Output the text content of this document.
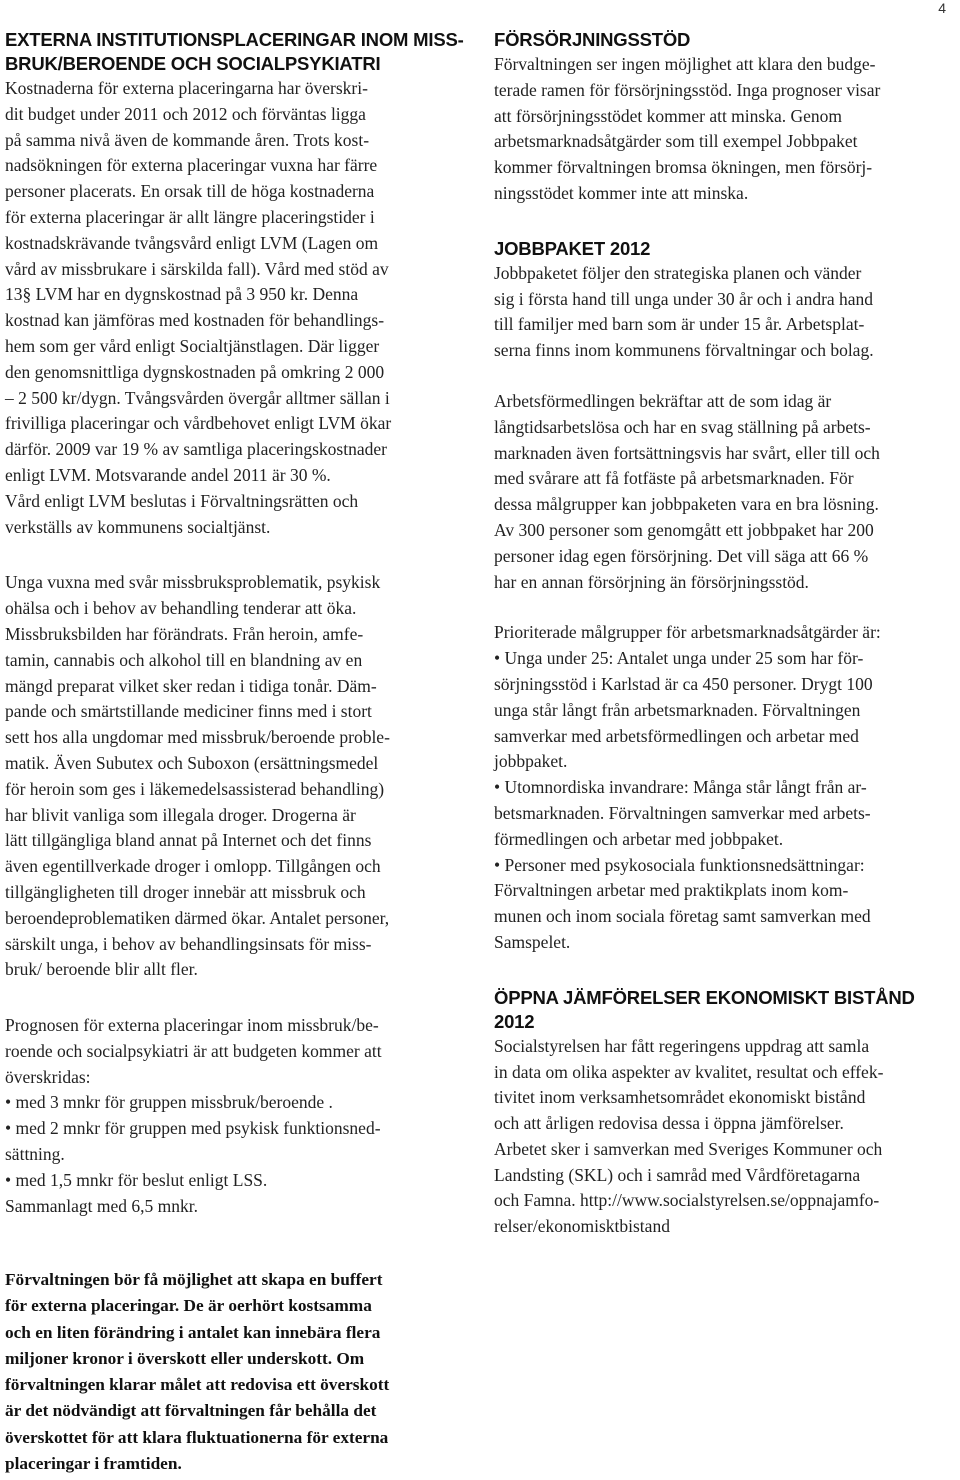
4
EXTERNA INSTITUTIONSPLACERINGAR INOM MISS-
BRUK/BEROENDE OCH SOCIALPSYKIATRI

Kostnaderna för externa placeringarna har överskri-
dit budget under 2011 och 2012 och förväntas ligga
på samma nivå även de kommande åren. Trots kost-
nadsökningen för externa placeringar vuxna har färre
personer placerats. En orsak till de höga kostnaderna
för externa placeringar är allt längre placeringstider i
kostnadskrävande tvångsvård enligt LVM (Lagen om
vård av missbrukare i särskilda fall). Vård med stöd av
13§ LVM har en dygnskostnad på 3 950 kr. Denna
kostnad kan jämföras med kostnaden för behandlings-
hem som ger vård enligt Socialtjänstlagen. Där ligger
den genomsnittliga dygnskostnaden på omkring 2 000
– 2 500 kr/dygn. Tvångsvården övergår alltmer sällan i
frivilliga placeringar och vårdbehovet enligt LVM ökar
därför. 2009 var 19 % av samtliga placeringskostnader
enligt LVM. Motsvarande andel 2011 är 30 %.
Vård enligt LVM beslutas i Förvaltningsrätten och
verkställs av kommunens socialtjänst.

Unga vuxna med svår missbruksproblematik, psykisk
ohälsa och i behov av behandling tenderar att öka.
Missbruksbilden har förändrats. Från heroin, amfe-
tamin, cannabis och alkohol till en blandning av en
mängd preparat vilket sker redan i tidiga tonår. Däm-
pande och smärtstillande mediciner finns med i stort
sett hos alla ungdomar med missbruk/beroende proble-
matik. Även Subutex och Suboxon (ersättningsmedel
för heroin som ges i läkemedelsassisterad behandling)
har blivit vanliga som illegala droger. Drogerna är
lätt tillgängliga bland annat på Internet och det finns
även egentillverkade droger i omlopp. Tillgången och
tillgängligheten till droger innebär att missbruk och
beroendeproblematiken därmed ökar. Antalet personer,
särskilt unga, i behov av behandlingsinsats för miss-
bruk/ beroende blir allt fler.

Prognosen för externa placeringar inom missbruk/be-
roende och socialpsykiatri är att budgeten kommer att
överskridas:
• med 3 mnkr för gruppen missbruk/beroende .
• med 2 mnkr för gruppen med psykisk funktionsned-
sättning.
• med 1,5 mnkr för beslut enligt LSS.
Sammanlagt med 6,5 mnkr.

Förvaltningen bör få möjlighet att skapa en buffert
för externa placeringar. De är oerhört kostsamma
och en liten förändring i antalet kan innebära flera
miljoner kronor i överskott eller underskott. Om
förvaltningen klarar målet att redovisa ett överskott
är det nödvändigt att förvaltningen får behålla det
överskottet för att klara fluktuationerna för externa
placeringar i framtiden.
FÖRSÖRJNINGSSTÖD

Förvaltningen ser ingen möjlighet att klara den budge-
terade ramen för försörjningsstöd. Inga prognoser visar
att försörjningsstödet kommer att minska. Genom
arbetsmarknadsåtgärder som till exempel Jobbpaket
kommer förvaltningen bromsa ökningen, men försörj-
ningsstödet kommer inte att minska.

JOBBPAKET 2012

Jobbpaketet följer den strategiska planen och vänder
sig i första hand till unga under 30 år och i andra hand
till familjer med barn som är under 15 år. Arbetsplat-
serna finns inom kommunens förvaltningar och bolag.

Arbetsförmedlingen bekräftar att de som idag är
långtidsarbetslösa och har en svag ställning på arbets-
marknaden även fortsättningsvis har svårt, eller till och
med svårare att få fotfäste på arbetsmarknaden. För
dessa målgrupper kan jobbpaketen vara en bra lösning.
Av 300 personer som genomgått ett jobbpaket har 200
personer idag egen försörjning. Det vill säga att 66 %
har en annan försörjning än försörjningsstöd.

Prioriterade målgrupper för arbetsmarknadsåtgärder är:
• Unga under 25: Antalet unga under 25 som har för-
sörjningsstöd i Karlstad är ca 450 personer. Drygt 100
unga står långt från arbetsmarknaden. Förvaltningen
samverkar med arbetsförmedlingen och arbetar med
jobbpaket.
• Utomnordiska invandrare: Många står långt från ar-
betsmarknaden. Förvaltningen samverkar med arbets-
förmedlingen och arbetar med jobbpaket.
• Personer med psykosociala funktionsnedsättningar:
Förvaltningen arbetar med praktikplats inom kom-
munen och inom sociala företag samt samverkan med
Samspelet.

ÖPPNA JÄMFÖRELSER EKONOMISKT BISTÅND 2012

Socialstyrelsen har fått regeringens uppdrag att samla
in data om olika aspekter av kvalitet, resultat och effek-
tivitet inom verksamhetsområdet ekonomiskt bistånd
och att årligen redovisa dessa i öppna jämförelser.
Arbetet sker i samverkan med Sveriges Kommuner och
Landsting (SKL) och i samråd med Vårdföretagarna
och Famna. http://www.socialstyrelsen.se/oppnajamfo-
relser/ekonomisktbistand
